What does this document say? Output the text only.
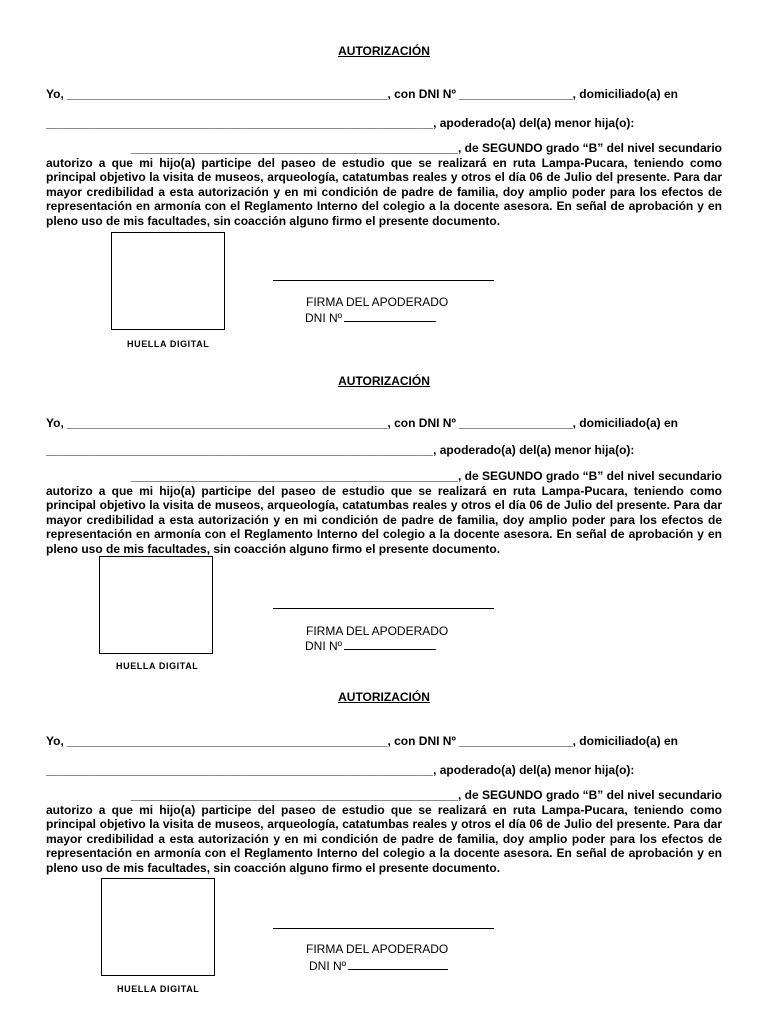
AUTORIZACIÓN
Yo, ________________________________________________, con DNI Nº _________________, domiciliado(a) en
__________________________________________________________, apoderado(a) del(a) menor hija(o):
_________________________________________________, de SEGUNDO grado “B” del nivel secundario
autorizo a que mi hijo(a) participe del paseo de estudio que se realizará en ruta Lampa-Pucara, teniendo como principal objetivo la visita de museos, arqueología, catatumbas reales y otros el día 06 de Julio del presente. Para dar mayor credibilidad a esta autorización y en mi condición de padre de familia, doy amplio poder para los efectos de representación en armonía con el Reglamento Interno del colegio a la docente asesora. En señal de aprobación y en pleno uso de mis facultades, sin coacción alguno firmo el presente documento.
HUELLA DIGITAL
FIRMA DEL APODERADO
DNI Nº
AUTORIZACIÓN
Yo, ________________________________________________, con DNI Nº _________________, domiciliado(a) en
__________________________________________________________, apoderado(a) del(a) menor hija(o):
_________________________________________________, de SEGUNDO grado “B” del nivel secundario
autorizo a que mi hijo(a) participe del paseo de estudio que se realizará en ruta Lampa-Pucara, teniendo como principal objetivo la visita de museos, arqueología, catatumbas reales y otros el día 06 de Julio del presente. Para dar mayor credibilidad a esta autorización y en mi condición de padre de familia, doy amplio poder para los efectos de representación en armonía con el Reglamento Interno del colegio a la docente asesora. En señal de aprobación y en pleno uso de mis facultades, sin coacción alguno firmo el presente documento.
HUELLA DIGITAL
FIRMA DEL APODERADO
DNI Nº
AUTORIZACIÓN
Yo, ________________________________________________, con DNI Nº _________________, domiciliado(a) en
__________________________________________________________, apoderado(a) del(a) menor hija(o):
_________________________________________________, de SEGUNDO grado “B” del nivel secundario
autorizo a que mi hijo(a) participe del paseo de estudio que se realizará en ruta Lampa-Pucara, teniendo como principal objetivo la visita de museos, arqueología, catatumbas reales y otros el día 06 de Julio del presente. Para dar mayor credibilidad a esta autorización y en mi condición de padre de familia, doy amplio poder para los efectos de representación en armonía con el Reglamento Interno del colegio a la docente asesora. En señal de aprobación y en pleno uso de mis facultades, sin coacción alguno firmo el presente documento.
HUELLA DIGITAL
FIRMA DEL APODERADO
DNI Nº
